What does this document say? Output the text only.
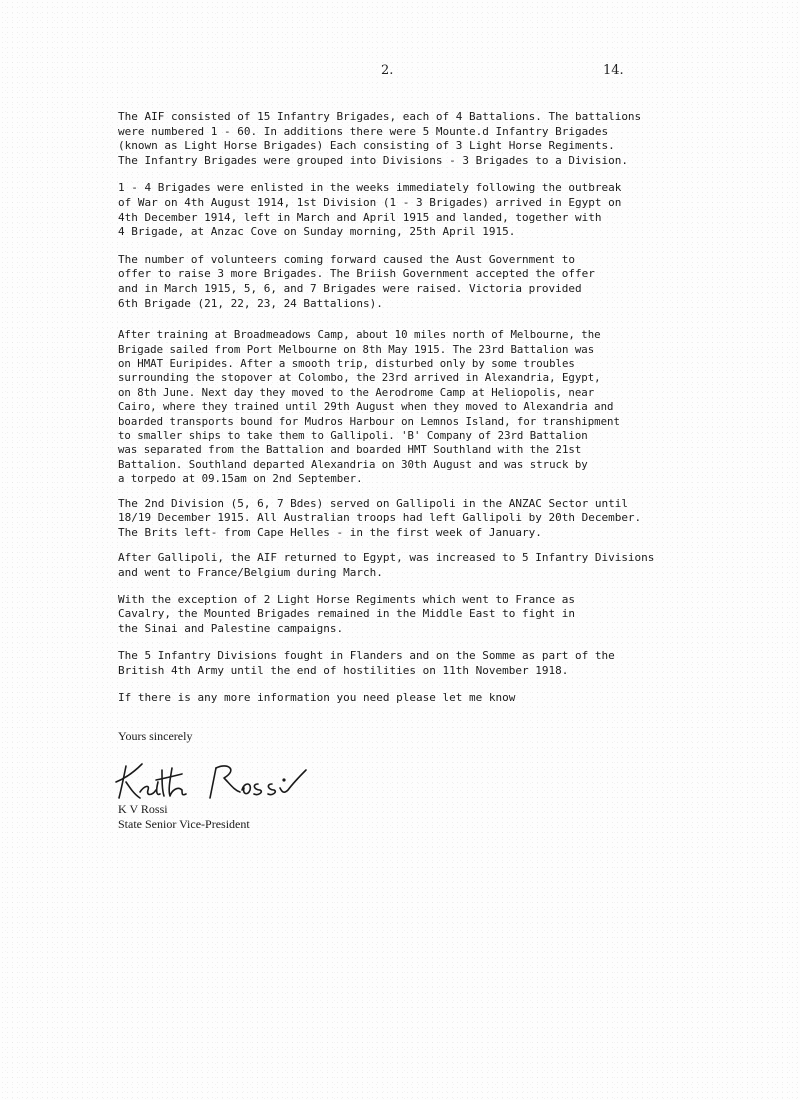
2.	14.

The AIF consisted of 15 Infantry Brigades, each of 4 Battalions. The battalions
were numbered 1 - 60. In additions there were 5 Mounte.d Infantry Brigades
(known as Light Horse Brigades) Each consisting of 3 Light Horse Regiments.
The Infantry Brigades were grouped into Divisions - 3 Brigades to a Division.

1 - 4 Brigades were enlisted in the weeks immediately following the outbreak
of War on 4th August 1914, 1st Division (1 - 3 Brigades) arrived in Egypt on
4th December 1914, left in March and April 1915 and landed, together with
4 Brigade, at Anzac Cove on Sunday morning, 25th April 1915.

The number of volunteers coming forward caused the Aust Government to
offer to raise 3 more Brigades. The Briish Government accepted the offer
and in March 1915, 5, 6, and 7 Brigades were raised. Victoria provided
6th Brigade (21, 22, 23, 24 Battalions).

After training at Broadmeadows Camp, about 10 miles north of Melbourne, the
Brigade sailed from Port Melbourne on 8th May 1915. The 23rd Battalion was
on HMAT Euripides. After a smooth trip, disturbed only by some troubles
surrounding the stopover at Colombo, the 23rd arrived in Alexandria, Egypt,
on 8th June. Next day they moved to the Aerodrome Camp at Heliopolis, near
Cairo, where they trained until 29th August when they moved to Alexandria and
boarded transports bound for Mudros Harbour on Lemnos Island, for transhipment
to smaller ships to take them to Gallipoli. 'B' Company of 23rd Battalion
was separated from the Battalion and boarded HMT Southland with the 21st
Battalion. Southland departed Alexandria on 30th August and was struck by
a torpedo at 09.15am on 2nd September.

The 2nd Division (5, 6, 7 Bdes) served on Gallipoli in the ANZAC Sector until
18/19 December 1915. All Australian troops had left Gallipoli by 20th December.
The Brits left- from Cape Helles - in the first week of January.

After Gallipoli, the AIF returned to Egypt, was increased to 5 Infantry Divisions
and went to France/Belgium during March.

With the exception of 2 Light Horse Regiments which went to France as
Cavalry, the Mounted Brigades remained in the Middle East to fight in
the Sinai and Palestine campaigns.

The 5 Infantry Divisions fought in Flanders and on the Somme as part of the
British 4th Army until the end of hostilities on 11th November 1918.

If there is any more information you need please let me know

Yours sincerely
K V Rossi
State Senior Vice-President
